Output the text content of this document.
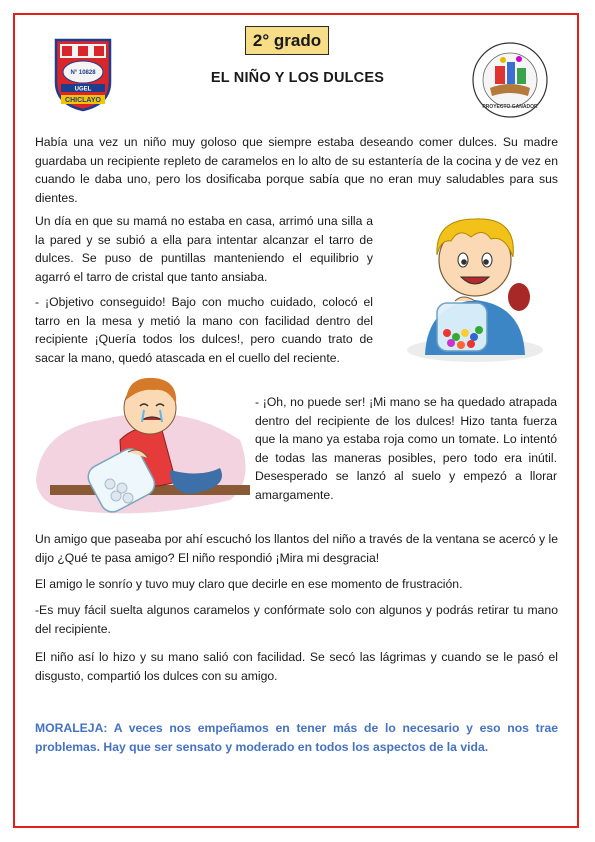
2° grado
EL NIÑO Y LOS DULCES
N° 10828
UGEL
CHICLAYO
PROYECTO GANADOR

Había una vez un niño muy goloso que siempre estaba deseando comer dulces. Su madre guardaba un recipiente repleto de caramelos en lo alto de su estantería de la cocina y de vez en cuando le daba uno, pero los dosificaba porque sabía que no eran muy saludables para sus dientes.

Un día en que su mamá no estaba en casa, arrimó una silla a la pared y se subió a ella para intentar alcanzar el tarro de dulces. Se puso de puntillas manteniendo el equilibrio y agarró el tarro de cristal que tanto ansiaba.

- ¡Objetivo conseguido! Bajo con mucho cuidado, colocó el tarro en la mesa y metió la mano con facilidad dentro del recipiente ¡Quería todos los dulces!, pero cuando trato de sacar la mano, quedó atascada en el cuello del reciente.

- ¡Oh, no puede ser! ¡Mi mano se ha quedado atrapada dentro del recipiente de los dulces! Hizo tanta fuerza que la mano ya estaba roja como un tomate. Lo intentó de todas las maneras posibles, pero todo era inútil. Desesperado se lanzó al suelo y empezó a llorar amargamente.

Un amigo que paseaba por ahí escuchó los llantos del niño a través de la ventana se acercó y le dijo ¿Qué te pasa amigo? El niño respondió ¡Mira mi desgracia!

El amigo le sonrío y tuvo muy claro que decirle en ese momento de frustración.

-Es muy fácil suelta algunos caramelos y confórmate solo con algunos y podrás retirar tu mano del recipiente.

El niño así lo hizo y su mano salió con facilidad. Se secó las lágrimas y cuando se le pasó el disgusto, compartió los dulces con su amigo.

MORALEJA: A veces nos empeñamos en tener más de lo necesario y eso nos trae problemas. Hay que ser sensato y moderado en todos los aspectos de la vida.
